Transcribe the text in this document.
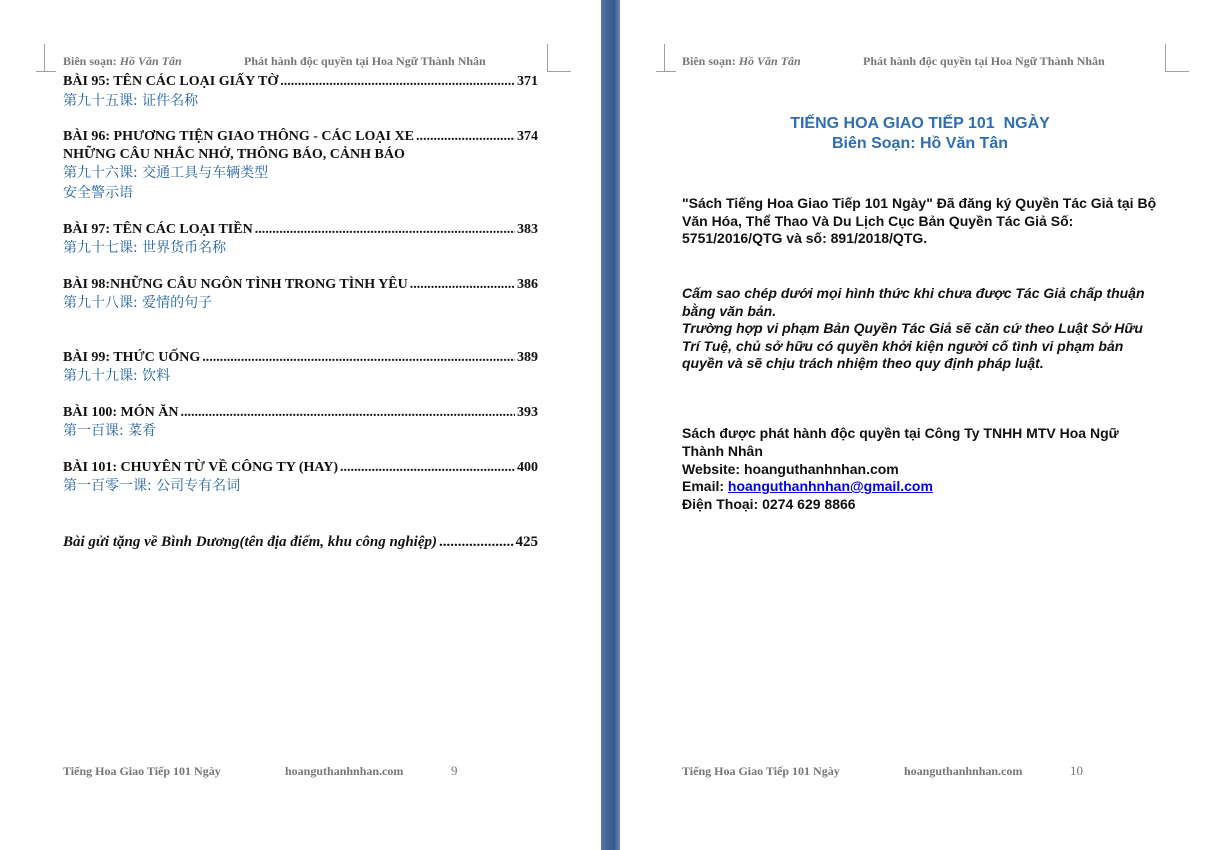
Biên soạn: Hồ Văn Tân	Phát hành độc quyền tại Hoa Ngữ Thành Nhân
BÀI 95: TÊN CÁC LOẠI GIẤY TỜ .....	371
第九十五课: 证件名称
BÀI 96: PHƯƠNG TIỆN GIAO THÔNG - CÁC LOẠI XE .....	374
NHỮNG CÂU NHẮC NHỞ, THÔNG BÁO, CẢNH BÁO
第九十六课: 交通工具与车辆类型
安全警示语
BÀI 97: TÊN CÁC LOẠI TIỀN .....	383
第九十七课: 世界货币名称
BÀI 98:NHỮNG CÂU NGÔN TÌNH TRONG TÌNH YÊU .....	386
第九十八课: 爱情的句子
BÀI 99: THỨC UỐNG .....	389
第九十九课: 饮料
BÀI 100: MÓN ĂN .....	393
第一百课: 菜肴
BÀI 101: CHUYÊN TỪ VỀ CÔNG TY (HAY) .....	400
第一百零一课: 公司专有名词
Bài gửi tặng về Bình Dương(tên địa điểm, khu công nghiệp) .....	425
Tiếng Hoa Giao Tiếp 101 Ngày	hoanguthanhnhan.com	9
Biên soạn: Hồ Văn Tân	Phát hành độc quyền tại Hoa Ngữ Thành Nhân
TIẾNG HOA GIAO TIẾP 101  NGÀY
Biên Soạn: Hồ Văn Tân
Tiếng Hoa Giao Tiếp 101 Ngày	hoanguthanhnhan.com	10
"Sách Tiếng Hoa Giao Tiếp 101 Ngày" Đã đăng ký Quyền Tác Giả tại Bộ Văn Hóa, Thể Thao Và Du Lịch Cục Bản Quyền Tác Giả Số: 5751/2016/QTG và số: 891/2018/QTG.
Cấm sao chép dưới mọi hình thức khi chưa được Tác Giả chấp thuận bằng văn bản.
Trường hợp vi phạm Bản Quyền Tác Giả sẽ căn cứ theo Luật Sở Hữu Trí Tuệ, chủ sở hữu có quyền khởi kiện người cố tình vi phạm bản quyền và sẽ chịu trách nhiệm theo quy định pháp luật.
Sách được phát hành độc quyền tại Công Ty TNHH MTV Hoa Ngữ Thành Nhân
Website: hoanguthanhnhan.com
Email: hoanguthanhnhan@gmail.com
Điện Thoại: 0274 629 8866
